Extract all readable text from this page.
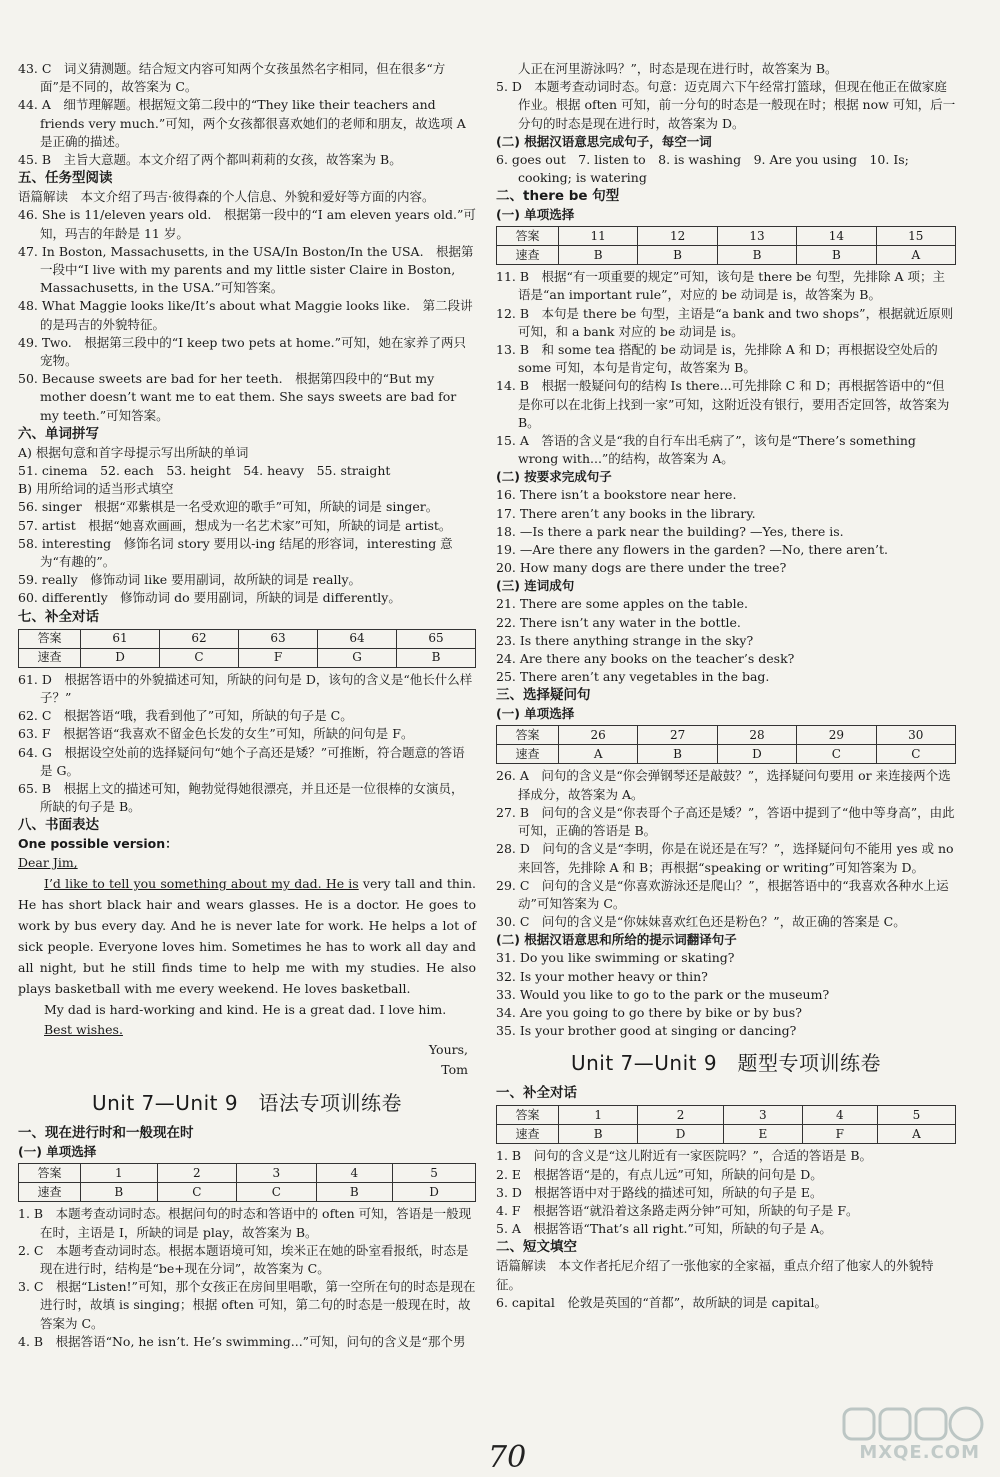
43. C　词义猜测题。结合短文内容可知两个女孩虽然名字相同，但在很多“方面”是不同的，故答案为 C。
44. A　细节理解题。根据短文第二段中的“They like their teachers and friends very much.”可知，两个女孩都很喜欢她们的老师和朋友，故选项 A 是正确的描述。
45. B　主旨大意题。本文介绍了两个都叫莉莉的女孩，故答案为 B。
五、任务型阅读
语篇解读　本文介绍了玛吉·彼得森的个人信息、外貌和爱好等方面的内容。
46. She is 11/eleven years old.　根据第一段中的“I am eleven years old.”可知，玛吉的年龄是 11 岁。
47. In Boston, Massachusetts, in the USA/In Boston/In the USA.　根据第一段中“I live with my parents and my little sister Claire in Boston, Massachusetts, in the USA.”可知答案。
48. What Maggie looks like/It’s about what Maggie looks like.　第二段讲的是玛吉的外貌特征。
49. Two.　根据第三段中的“I keep two pets at home.”可知，她在家养了两只宠物。
50. Because sweets are bad for her teeth.　根据第四段中的“But my mother doesn’t want me to eat them. She says sweets are bad for my teeth.”可知答案。
六、单词拼写
A) 根据句意和首字母提示写出所缺的单词
51. cinema　52. each　53. height　54. heavy　55. straight
B) 用所给词的适当形式填空
56. singer　根据“邓紫棋是一名受欢迎的歌手”可知，所缺的词是 singer。
57. artist　根据“她喜欢画画，想成为一名艺术家”可知，所缺的词是 artist。
58. interesting　修饰名词 story 要用以-ing 结尾的形容词，interesting 意为“有趣的”。
59. really　修饰动词 like 要用副词，故所缺的词是 really。
60. differently　修饰动词 do 要用副词，所缺的词是 differently。
七、补全对话
答案	61	62	63	64	65
速查	D	C	F	G	B
61. D　根据答语中的外貌描述可知，所缺的问句是 D，该句的含义是“他长什么样子？”
62. C　根据答语“哦，我看到他了”可知，所缺的句子是 C。
63. F　根据答语“我喜欢不留金色长发的女生”可知，所缺的问句是 F。
64. G　根据设空处前的选择疑问句“她个子高还是矮？”可推断，符合题意的答语是 G。
65. B　根据上文的描述可知，鲍勃觉得她很漂亮，并且还是一位很棒的女演员，所缺的句子是 B。
八、书面表达
One possible version：
Dear Jim,
I’d like to tell you something about my dad. He is very tall and thin. He has short black hair and wears glasses. He is a doctor. He goes to work by bus every day. And he is never late for work. He helps a lot of sick people. Everyone loves him. Sometimes he has to work all day and all night, but he still finds time to help me with my studies. He also plays basketball with me every weekend. He loves basketball.
My dad is hard-working and kind. He is a great dad. I love him.
Best wishes.
Yours,
Tom
Unit 7—Unit 9　语法专项训练卷
一、现在进行时和一般现在时
(一) 单项选择
答案	1	2	3	4	5
速查	B	C	C	B	D
1. B　本题考查动词时态。根据问句的时态和答语中的 often 可知，答语是一般现在时，主语是 I，所缺的词是 play，故答案为 B。
2. C　本题考查动词时态。根据本题语境可知，埃米正在她的卧室看报纸，时态是现在进行时，结构是“be+现在分词”，故答案为 C。
3. C　根据“Listen!”可知，那个女孩正在房间里唱歌，第一空所在句的时态是现在进行时，故填 is singing；根据 often 可知，第二句的时态是一般现在时，故答案为 C。
4. B　根据答语“No, he isn’t. He’s swimming...”可知，问句的含义是“那个男
人正在河里游泳吗？”，时态是现在进行时，故答案为 B。
5. D　本题考查动词时态。句意：迈克周六下午经常打篮球，但现在他正在做家庭作业。根据 often 可知，前一分句的时态是一般现在时；根据 now 可知，后一分句的时态是现在进行时，故答案为 D。
(二) 根据汉语意思完成句子，每空一词
6. goes out　7. listen to　8. is washing　9. Are you using　10. Is; cooking; is watering
二、there be 句型
(一) 单项选择
答案	11	12	13	14	15
速查	B	B	B	B	A
11. B　根据“有一项重要的规定”可知，该句是 there be 句型，先排除 A 项；主语是“an important rule”，对应的 be 动词是 is，故答案为 B。
12. B　本句是 there be 句型，主语是“a bank and two shops”，根据就近原则可知，和 a bank 对应的 be 动词是 is。
13. B　和 some tea 搭配的 be 动词是 is，先排除 A 和 D；再根据设空处后的 some 可知，本句是肯定句，故答案为 B。
14. B　根据一般疑问句的结构 Is there...可先排除 C 和 D；再根据答语中的“但是你可以在北街上找到一家”可知，这附近没有银行，要用否定回答，故答案为 B。
15. A　答语的含义是“我的自行车出毛病了”，该句是“There’s something wrong with...”的结构，故答案为 A。
(二) 按要求完成句子
16. There isn’t a bookstore near here.
17. There aren’t any books in the library.
18. —Is there a park near the building? —Yes, there is.
19. —Are there any flowers in the garden? —No, there aren’t.
20. How many dogs are there under the tree?
(三) 连词成句
21. There are some apples on the table.
22. There isn’t any water in the bottle.
23. Is there anything strange in the sky?
24. Are there any books on the teacher’s desk?
25. There aren’t any vegetables in the bag.
三、选择疑问句
(一) 单项选择
答案	26	27	28	29	30
速查	A	B	D	C	C
26. A　问句的含义是“你会弹钢琴还是敲鼓？”，选择疑问句要用 or 来连接两个选择成分，故答案为 A。
27. B　问句的含义是“你表哥个子高还是矮？”，答语中提到了“他中等身高”，由此可知，正确的答语是 B。
28. D　问句的含义是“李明，你是在说还是在写？”，选择疑问句不能用 yes 或 no 来回答，先排除 A 和 B；再根据“speaking or writing”可知答案为 D。
29. C　问句的含义是“你喜欢游泳还是爬山？”，根据答语中的“我喜欢各种水上运动”可知答案为 C。
30. C　问句的含义是“你妹妹喜欢红色还是粉色？”，故正确的答案是 C。
(二) 根据汉语意思和所给的提示词翻译句子
31. Do you like swimming or skating?
32. Is your mother heavy or thin?
33. Would you like to go to the park or the museum?
34. Are you going to go there by bike or by bus?
35. Is your brother good at singing or dancing?
Unit 7—Unit 9　题型专项训练卷
一、补全对话
答案	1	2	3	4	5
速查	B	D	E	F	A
1. B　问句的含义是“这儿附近有一家医院吗？”，合适的答语是 B。
2. E　根据答语“是的，有点儿远”可知，所缺的问句是 D。
3. D　根据答语中对于路线的描述可知，所缺的句子是 E。
4. F　根据答语“就沿着这条路走两分钟”可知，所缺的句子是 F。
5. A　根据答语“That’s all right.”可知，所缺的句子是 A。
二、短文填空
语篇解读　本文作者托尼介绍了一张他家的全家福，重点介绍了他家人的外貌特征。
6. capital　伦敦是英国的“首都”，故所缺的词是 capital。
70	MXQE.COM
